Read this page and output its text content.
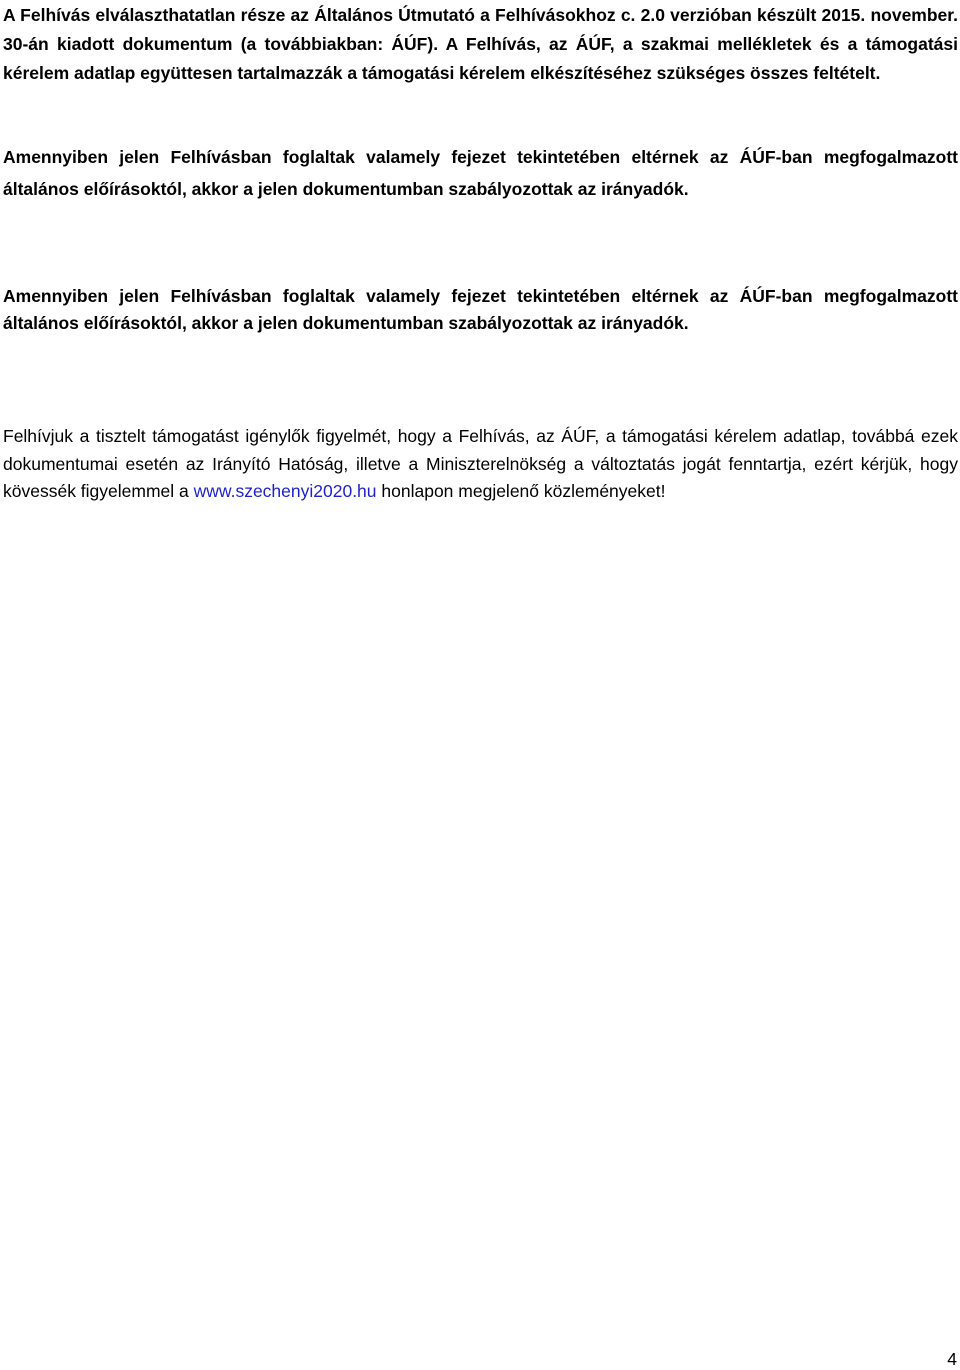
A Felhívás elválaszthatatlan része az Általános Útmutató a Felhívásokhoz c. 2.0 verzióban készült 2015. november. 30-án kiadott dokumentum (a továbbiakban: ÁÚF). A Felhívás, az ÁÚF, a szakmai mellékletek és a támogatási kérelem adatlap együttesen tartalmazzák a támogatási kérelem elkészítéséhez szükséges összes feltételt.

Amennyiben jelen Felhívásban foglaltak valamely fejezet tekintetében eltérnek az ÁÚF-ban megfogalmazott általános előírásoktól, akkor a jelen dokumentumban szabályozottak az irányadók.

Amennyiben jelen Felhívásban foglaltak valamely fejezet tekintetében eltérnek az ÁÚF-ban megfogalmazott általános előírásoktól, akkor a jelen dokumentumban szabályozottak az irányadók.

Felhívjuk a tisztelt támogatást igénylők figyelmét, hogy a Felhívás, az ÁÚF, a támogatási kérelem adatlap, továbbá ezek dokumentumai esetén az Irányító Hatóság, illetve a Miniszterelnökség a változtatás jogát fenntartja, ezért kérjük, hogy kövessék figyelemmel a www.szechenyi2020.hu honlapon megjelenő közleményeket!

4
